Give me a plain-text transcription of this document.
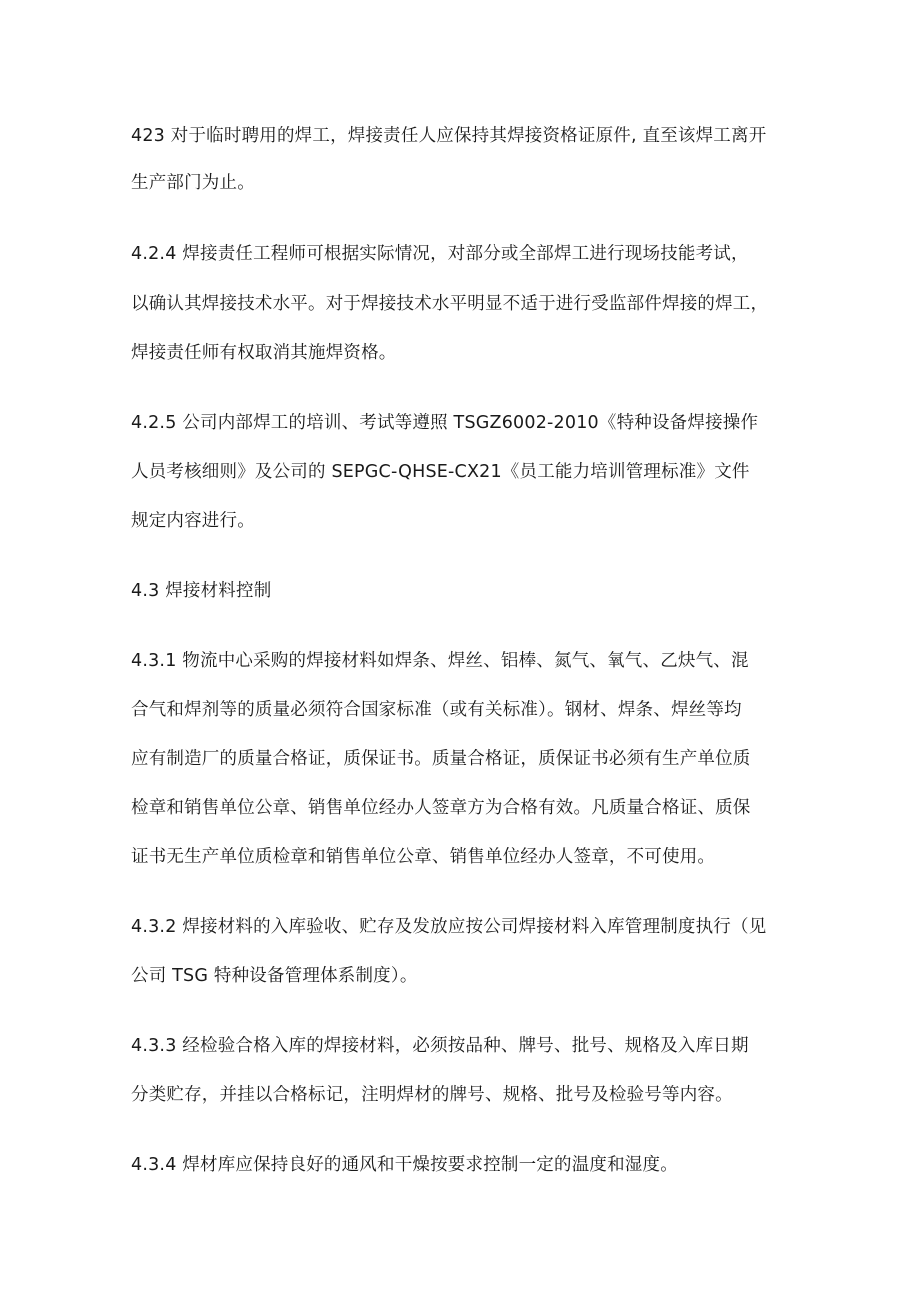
423 对于临时聘用的焊工，焊接责任人应保持其焊接资格证原件, 直至该焊工离开
生产部门为止。
4.2.4 焊接责任工程师可根据实际情况，对部分或全部焊工进行现场技能考试，
以确认其焊接技术水平。对于焊接技术水平明显不适于进行受监部件焊接的焊工，
焊接责任师有权取消其施焊资格。
4.2.5 公司内部焊工的培训、考试等遵照 TSGZ6002-2010《特种设备焊接操作
人员考核细则》及公司的 SEPGC-QHSE-CX21《员工能力培训管理标准》文件
规定内容进行。
4.3 焊接材料控制
4.3.1 物流中心采购的焊接材料如焊条、焊丝、铝棒、氮气、氧气、乙炔气、混
合气和焊剂等的质量必须符合国家标准（或有关标准）。钢材、焊条、焊丝等均
应有制造厂的质量合格证，质保证书。质量合格证，质保证书必须有生产单位质
检章和销售单位公章、销售单位经办人签章方为合格有效。凡质量合格证、质保
证书无生产单位质检章和销售单位公章、销售单位经办人签章，不可使用。
4.3.2 焊接材料的入库验收、贮存及发放应按公司焊接材料入库管理制度执行（见
公司 TSG 特种设备管理体系制度）。
4.3.3 经检验合格入库的焊接材料，必须按品种、牌号、批号、规格及入库日期
分类贮存，并挂以合格标记，注明焊材的牌号、规格、批号及检验号等内容。
4.3.4 焊材库应保持良好的通风和干燥按要求控制一定的温度和湿度。
